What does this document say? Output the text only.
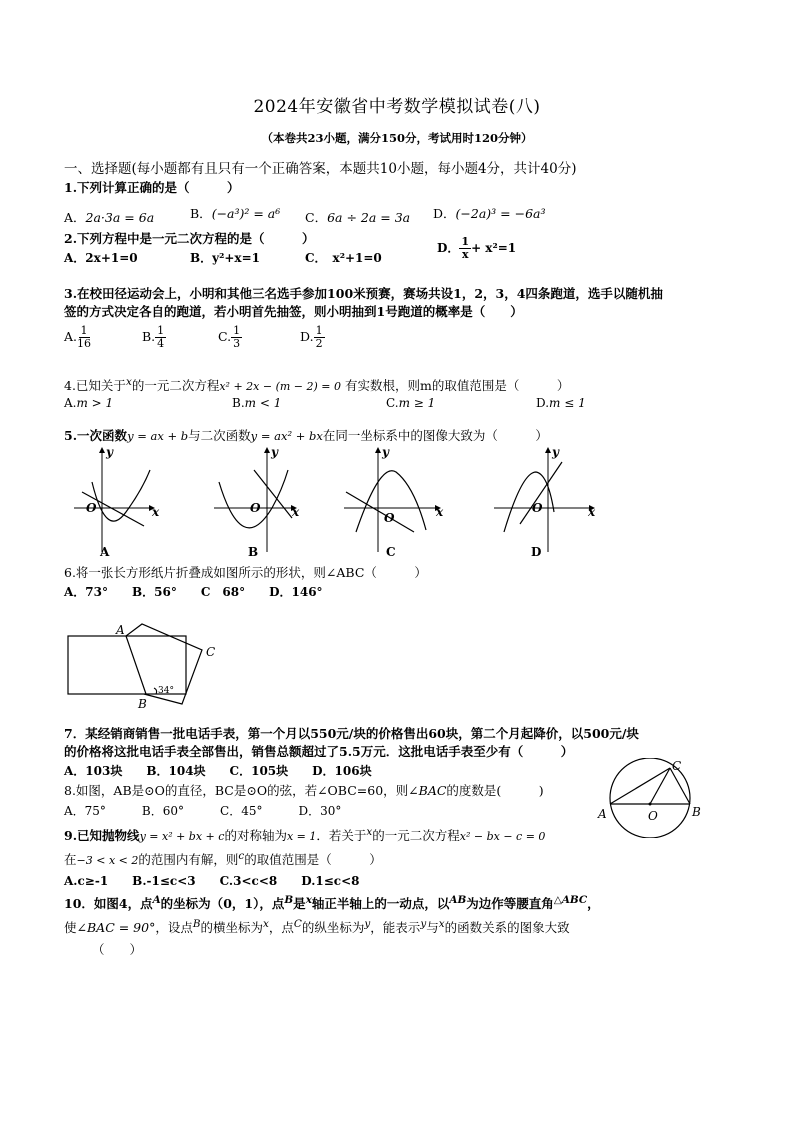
2024年安徽省中考数学模拟试卷(八)
（本卷共23小题，满分150分，考试用时120分钟）
一、选择题(每小题都有且只有一个正确答案，本题共10小题，每小题4分，共计40分)
1.下列计算正确的是（　　　）
A．2a·3a = 6a	B．(−a³)² = a⁶ C．6a ÷ 2a = 3a D．(−2a)³ = −6a³
2.下列方程中是一元二次方程的是（　　　）
A．2x+1=0	B．y²+x=1	C．　x²+1=0
D． $\frac{1}{x} + x^2=1$
3.在校田径运动会上，小明和其他三名选手参加100米预赛，赛场共设1，2，3，4四条跑道，选手以随机抽
签的方式决定各自的跑道，若小明首先抽签，则小明抽到1号跑道的概率是（　　）
A. $\frac{1}{16}$	B. $\frac{1}{4}$	C. $\frac{1}{3}$	D. $\frac{1}{2}$
4.已知关于$^x$的一元二次方程x² + 2x − (m − 2) = 0 有实数根，则m的取值范围是（　　　）
A.m > 1	B.m < 1	C.m ≥ 1	D.m ≤ 1
5.一次函数y = ax + b与二次函数y = ax² + bx在同一坐标系中的图像大致为（　　　）
y
x
O
A
y
x
O
B
y
x
O
C
y
x
O
D
6.将一张长方形纸片折叠成如图所示的形状，则∠ABC（　　　）
A．73°　　B．56°　　C　68°　　D．146°
A
C
B
34°
7．某经销商销售一批电话手表，第一个月以550元/块的价格售出60块，第二个月起降价，以500元/块
的价格将这批电话手表全部售出，销售总额超过了5.5万元．这批电话手表至少有（　　　）
A．103块　　B．104块　　C．105块　　D．106块
8.如图，AB是⊙O的直径，BC是⊙O的弦，若∠OBC=60，则∠BAC的度数是(　　　)
A．75°　　　B．60°　　　C．45°　　　D．30°	A	B
C
O
9.已知抛物线y = x² + bx + c的对称轴为x = 1．若关于$^x$的一元二次方程x² − bx − c = 0
在−3 < x < 2的范围内有解，则$^c$的取值范围是（　　　）
A.c≥-1　　B.-1≤c<3　　C.3<c<8　　D.1≤c<8
10．如图4，点$^A$的坐标为（0，1），点$^B$是$^x$轴正半轴上的一动点，以$^{AB}$为边作等腰直角$^{\triangle ABC}$，
使∠BAC = 90°，设点$^B$的横坐标为$^x$，点$^C$的纵坐标为$^y$，能表示$^y$与$^x$的函数关系的图象大致
（　　）
